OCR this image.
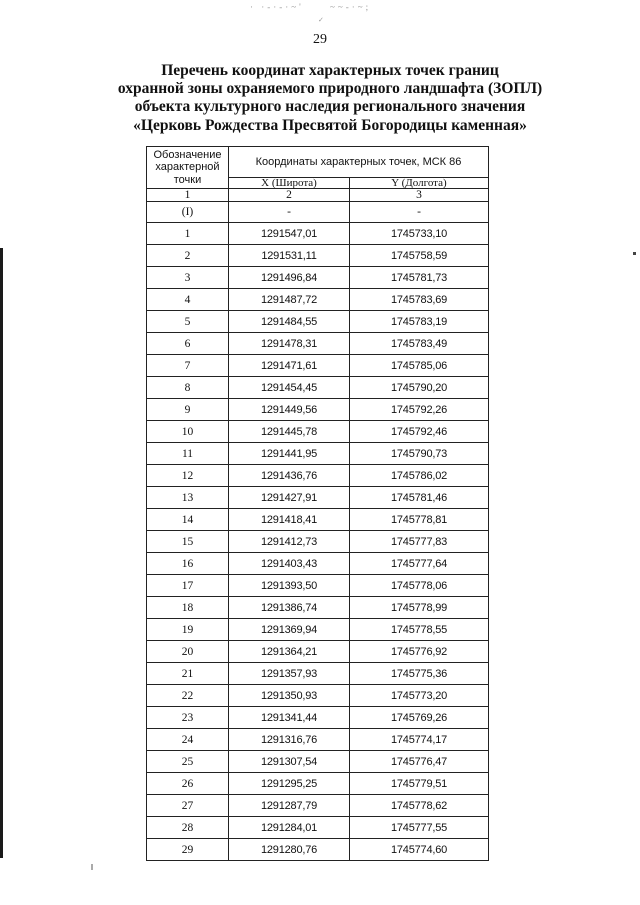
· ·-·-·~'     ~~-·~;
✓
29
Перечень координат характерных точек границ
охранной зоны охраняемого природного ландшафта (ЗОПЛ)
объекта культурного наследия регионального значения
«Церковь Рождества Пресвятой Богородицы каменная»
Обозначение характерной точки	Координаты характерных точек, МСК 86	
	X (Широта)	Y (Долгота)
1	2	3
(I)	-	-
1	1291547,01	1745733,10
2	1291531,11	1745758,59
3	1291496,84	1745781,73
4	1291487,72	1745783,69
5	1291484,55	1745783,19
6	1291478,31	1745783,49
7	1291471,61	1745785,06
8	1291454,45	1745790,20
9	1291449,56	1745792,26
10	1291445,78	1745792,46
11	1291441,95	1745790,73
12	1291436,76	1745786,02
13	1291427,91	1745781,46
14	1291418,41	1745778,81
15	1291412,73	1745777,83
16	1291403,43	1745777,64
17	1291393,50	1745778,06
18	1291386,74	1745778,99
19	1291369,94	1745778,55
20	1291364,21	1745776,92
21	1291357,93	1745775,36
22	1291350,93	1745773,20
23	1291341,44	1745769,26
24	1291316,76	1745774,17
25	1291307,54	1745776,47
26	1291295,25	1745779,51
27	1291287,79	1745778,62
28	1291284,01	1745777,55
29	1291280,76	1745774,60
